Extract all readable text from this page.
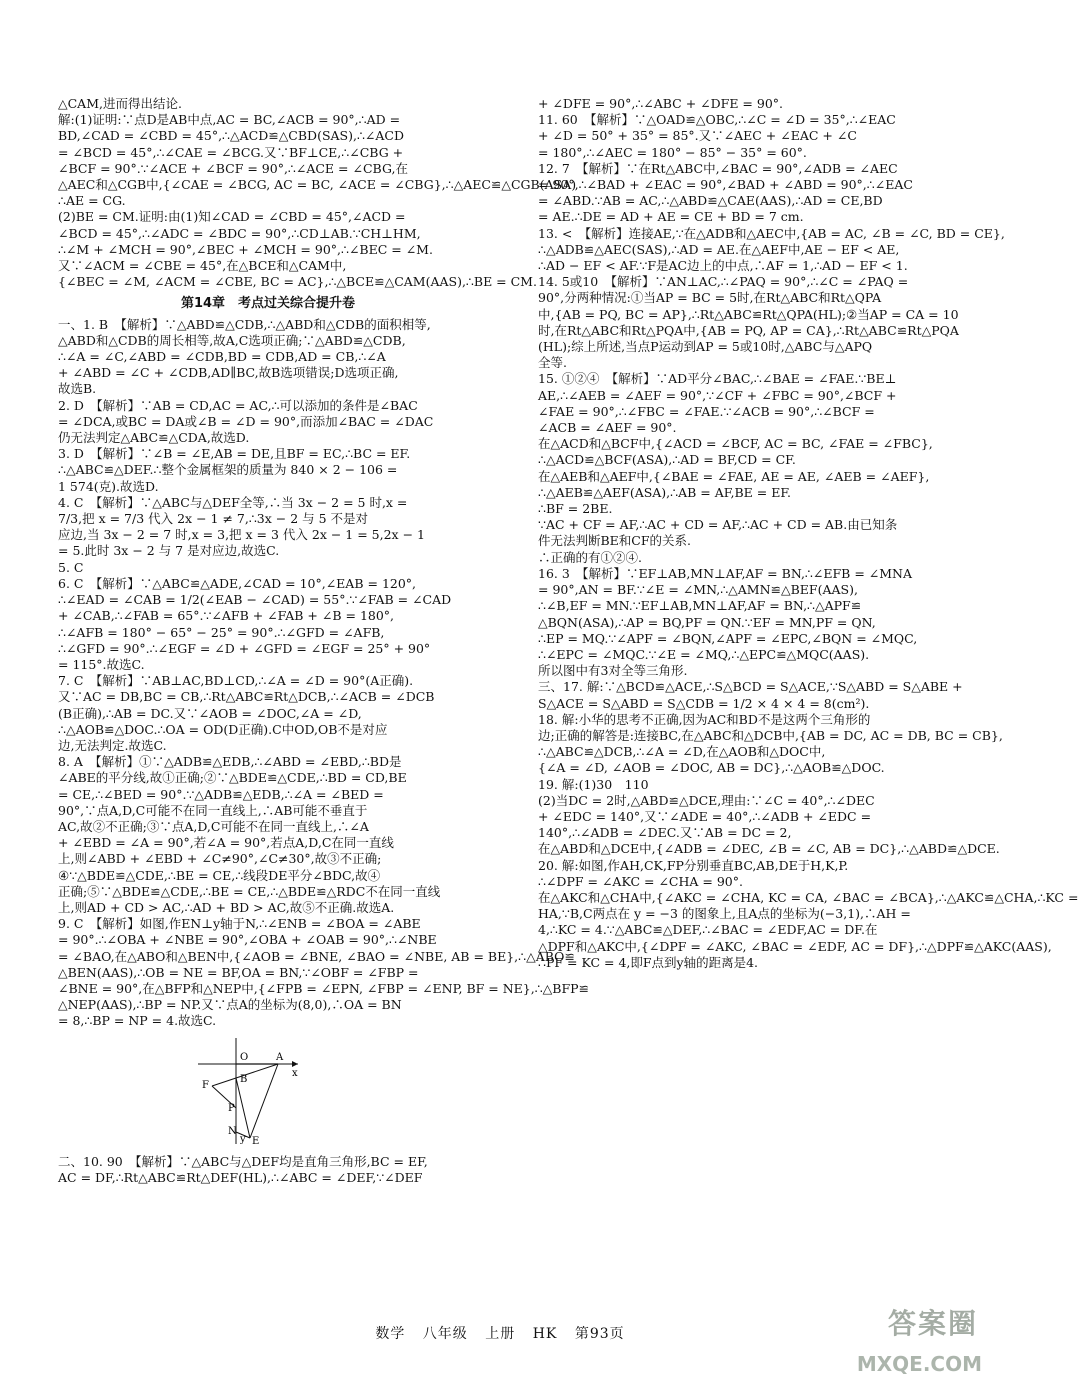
△CAM,进而得出结论.
解:(1)证明:∵点D是AB中点,AC = BC,∠ACB = 90°,∴AD =
BD,∠CAD = ∠CBD = 45°,∴△ACD≌△CBD(SAS),∴∠ACD
= ∠BCD = 45°,∴∠CAE = ∠BCG.又∵BF⊥CE,∴∠CBG +
∠BCF = 90°.∵∠ACE + ∠BCF = 90°,∴∠ACE = ∠CBG,在
△AEC和△CGB中,{∠CAE = ∠BCG, AC = BC, ∠ACE = ∠CBG},∴△AEC≌△CGB(ASA)
∴AE = CG.
(2)BE = CM.证明:由(1)知∠CAD = ∠CBD = 45°,∠ACD =
∠BCD = 45°,∴∠ADC = ∠BDC = 90°,∴CD⊥AB.∵CH⊥HM,
∴∠M + ∠MCH = 90°,∠BEC + ∠MCH = 90°,∴∠BEC = ∠M.
又∵∠ACM = ∠CBE = 45°,在△BCE和△CAM中,
{∠BEC = ∠M, ∠ACM = ∠CBE, BC = AC},∴△BCE≌△CAM(AAS),∴BE = CM.
第14章　考点过关综合提升卷
一、1. B　【解析】∵△ABD≌△CDB,∴△ABD和△CDB的面积相等,
△ABD和△CDB的周长相等,故A,C选项正确;∵△ABD≌△CDB,
∴∠A = ∠C,∠ABD = ∠CDB,BD = CDB,AD = CB,∴∠A
+ ∠ABD = ∠C + ∠CDB,AD∥BC,故B选项错误;D选项正确,
故选B.
2. D　【解析】∵AB = CD,AC = AC,∴可以添加的条件是∠BAC
= ∠DCA,或BC = DA或∠B = ∠D = 90°,而添加∠BAC = ∠DAC
仍无法判定△ABC≌△CDA,故选D.
3. D　【解析】∵∠B = ∠E,AB = DE,且BF = EC,∴BC = EF.
∴△ABC≌△DEF.∴整个金属框架的质量为 840 × 2 − 106 =
1 574(克).故选D.
4. C　【解析】∵△ABC与△DEF全等,∴当 3x − 2 = 5 时,x =
7/3,把 x = 7/3 代入 2x − 1 ≠ 7,∴3x − 2 与 5 不是对
应边,当 3x − 2 = 7 时,x = 3,把 x = 3 代入 2x − 1 = 5,2x − 1
= 5.此时 3x − 2 与 7 是对应边,故选C.
5. C
6. C　【解析】∵△ABC≌△ADE,∠CAD = 10°,∠EAB = 120°,
∴∠EAD = ∠CAB = 1/2(∠EAB − ∠CAD) = 55°.∵∠FAB = ∠CAD
+ ∠CAB,∴∠FAB = 65°.∵∠AFB + ∠FAB + ∠B = 180°,
∴∠AFB = 180° − 65° − 25° = 90°.∴∠GFD = ∠AFB,
∴∠GFD = 90°.∴∠EGF = ∠D + ∠GFD = ∠EGF = 25° + 90°
= 115°.故选C.
7. C　【解析】∵AB⊥AC,BD⊥CD,∴∠A = ∠D = 90°(A正确).
又∵AC = DB,BC = CB,∴Rt△ABC≌Rt△DCB,∴∠ACB = ∠DCB
(B正确),∴AB = DC.又∵∠AOB = ∠DOC,∠A = ∠D,
∴△AOB≌△DOC.∴OA = OD(D正确).C中OD,OB不是对应
边,无法判定.故选C.
8. A　【解析】①∵△ADB≌△EDB,∴∠ABD = ∠EBD,∴BD是
∠ABE的平分线,故①正确;②∵△BDE≌△CDE,∴BD = CD,BE
= CE,∴∠BED = 90°.∵△ADB≌△EDB,∴∠A = ∠BED =
90°,∵点A,D,C可能不在同一直线上,∴AB可能不垂直于
AC,故②不正确;③∵点A,D,C可能不在同一直线上,∴∠A
+ ∠EBD = ∠A = 90°,若∠A = 90°,若点A,D,C在同一直线
上,则∠ABD + ∠EBD + ∠C≠90°,∠C≠30°,故③不正确;
④∵△BDE≌△CDE,∴BE = CE,∴线段DE平分∠BDC,故④
正确;⑤∵△BDE≌△CDE,∴BE = CE,∴△BDE≌△RDC不在同一直线
上,则AD + CD > AC,∴AD + BD > AC,故⑤不正确.故选A.
9. C　【解析】如图,作EN⊥y轴于N,∴∠ENB = ∠BOA = ∠ABE
= 90°.∴∠OBA + ∠NBE = 90°,∠OBA + ∠OAB = 90°,∴∠NBE
= ∠BAO,在△ABO和△BEN中,{∠AOB = ∠BNE, ∠BAO = ∠NBE, AB = BE},∴△ABO≌
△BEN(AAS),∴OB = NE = BF,OA = BN,∵∠OBF = ∠FBP =
∠BNE = 90°,在△BFP和△NEP中,{∠FPB = ∠EPN, ∠FBP = ∠ENP, BF = NE},∴△BFP≌
△NEP(AAS),∴BP = NP.又∵点A的坐标为(8,0),∴OA = BN
= 8,∴BP = NP = 4.故选C.
O	A
x
F
B
P
N
E
y
二、10. 90　【解析】∵△ABC与△DEF均是直角三角形,BC = EF,
AC = DF,∴Rt△ABC≌Rt△DEF(HL),∴∠ABC = ∠DEF,∵∠DEF
+ ∠DFE = 90°,∴∠ABC + ∠DFE = 90°.
11. 60　【解析】∵△OAD≌△OBC,∴∠C = ∠D = 35°,∴∠EAC
+ ∠D = 50° + 35° = 85°.又∵∠AEC + ∠EAC + ∠C
= 180°,∴∠AEC = 180° − 85° − 35° = 60°.
12. 7　【解析】∵在Rt△ABC中,∠BAC = 90°,∠ADB = ∠AEC
= 90°,∴∠BAD + ∠EAC = 90°,∠BAD + ∠ABD = 90°,∴∠EAC
= ∠ABD.∵AB = AC,∴△ABD≌△CAE(AAS),∴AD = CE,BD
= AE.∴DE = AD + AE = CE + BD = 7 cm.
13. <　【解析】连接AE,∵在△ADB和△AEC中,{AB = AC, ∠B = ∠C, BD = CE},
∴△ADB≌△AEC(SAS),∴AD = AE.在△AEF中,AE − EF < AE,
∴AD − EF < AF.∵F是AC边上的中点,∴AF = 1,∴AD − EF < 1.
14. 5或10　【解析】∵AN⊥AC,∴∠PAQ = 90°,∴∠C = ∠PAQ =
90°,分两种情况:①当AP = BC = 5时,在Rt△ABC和Rt△QPA
中,{AB = PQ, BC = AP},∴Rt△ABC≌Rt△QPA(HL);②当AP = CA = 10
时,在Rt△ABC和Rt△PQA中,{AB = PQ, AP = CA},∴Rt△ABC≌Rt△PQA
(HL);综上所述,当点P运动到AP = 5或10时,△ABC与△APQ
全等.
15. ①②④　【解析】∵AD平分∠BAC,∴∠BAE = ∠FAE.∵BE⊥
AE,∴∠AEB = ∠AEF = 90°,∵∠CF + ∠FBC = 90°,∠BCF +
∠FAE = 90°,∴∠FBC = ∠FAE.∵∠ACB = 90°,∴∠BCF =
∠ACB = ∠AEF = 90°.
在△ACD和△BCF中,{∠ACD = ∠BCF, AC = BC, ∠FAE = ∠FBC},
∴△ACD≌△BCF(ASA),∴AD = BF,CD = CF.
在△AEB和△AEF中,{∠BAE = ∠FAE, AE = AE, ∠AEB = ∠AEF},
∴△AEB≌△AEF(ASA),∴AB = AF,BE = EF.
∴BF = 2BE.
∵AC + CF = AF,∴AC + CD = AF,∴AC + CD = AB.由已知条
件无法判断BE和CF的关系.
∴正确的有①②④.
16. 3　【解析】∵EF⊥AB,MN⊥AF,AF = BN,∴∠EFB = ∠MNA
= 90°,AN = BF.∵∠E = ∠MN,∴△AMN≌△BEF(AAS),
∴∠B,EF = MN.∵EF⊥AB,MN⊥AF,AF = BN,∴△APF≌
△BQN(ASA),∴AP = BQ,PF = QN.∵EF = MN,PF = QN,
∴EP = MQ.∵∠APF = ∠BQN,∠APF = ∠EPC,∠BQN = ∠MQC,
∴∠EPC = ∠MQC.∵∠E = ∠MQ,∴△EPC≌△MQC(AAS).
所以图中有3对全等三角形.
三、17. 解:∵△BCD≌△ACE,∴S△BCD = S△ACE,∵S△ABD = S△ABE +
S△ACE = S△ABD = S△CDB = 1/2 × 4 × 4 = 8(cm²).
18. 解:小华的思考不正确,因为AC和BD不是这两个三角形的
边;正确的解答是:连接BC,在△ABC和△DCB中,{AB = DC, AC = DB, BC = CB},
∴△ABC≌△DCB,∴∠A = ∠D,在△AOB和△DOC中,
{∠A = ∠D, ∠AOB = ∠DOC, AB = DC},∴△AOB≌△DOC.
19. 解:(1)30　110
(2)当DC = 2时,△ABD≌△DCE,理由:∵∠C = 40°,∴∠DEC
+ ∠EDC = 140°,又∵∠ADE = 40°,∴∠ADB + ∠EDC =
140°,∴∠ADB = ∠DEC.又∵AB = DC = 2,
在△ABD和△DCE中,{∠ADB = ∠DEC, ∠B = ∠C, AB = DC},∴△ABD≌△DCE.
20. 解:如图,作AH,CK,FP分别垂直BC,AB,DE于H,K,P.
∴∠DPF = ∠AKC = ∠CHA = 90°.
在△AKC和△CHA中,{∠AKC = ∠CHA, KC = CA, ∠BAC = ∠BCA},∴△AKC≌△CHA,∴KC =
HA,∵B,C两点在 y = −3 的图象上,且A点的坐标为(−3,1),∴AH =
4,∴KC = 4.∵△ABC≌△DEF,∴∠BAC = ∠EDF,AC = DF.在
△DPF和△AKC中,{∠DPF = ∠AKC, ∠BAC = ∠EDF, AC = DF},∴△DPF≌△AKC(AAS),
∴PF = KC = 4,即F点到y轴的距离是4.
数学 八年级 上册 HK 第93页	答案圈
MXQE.COM
